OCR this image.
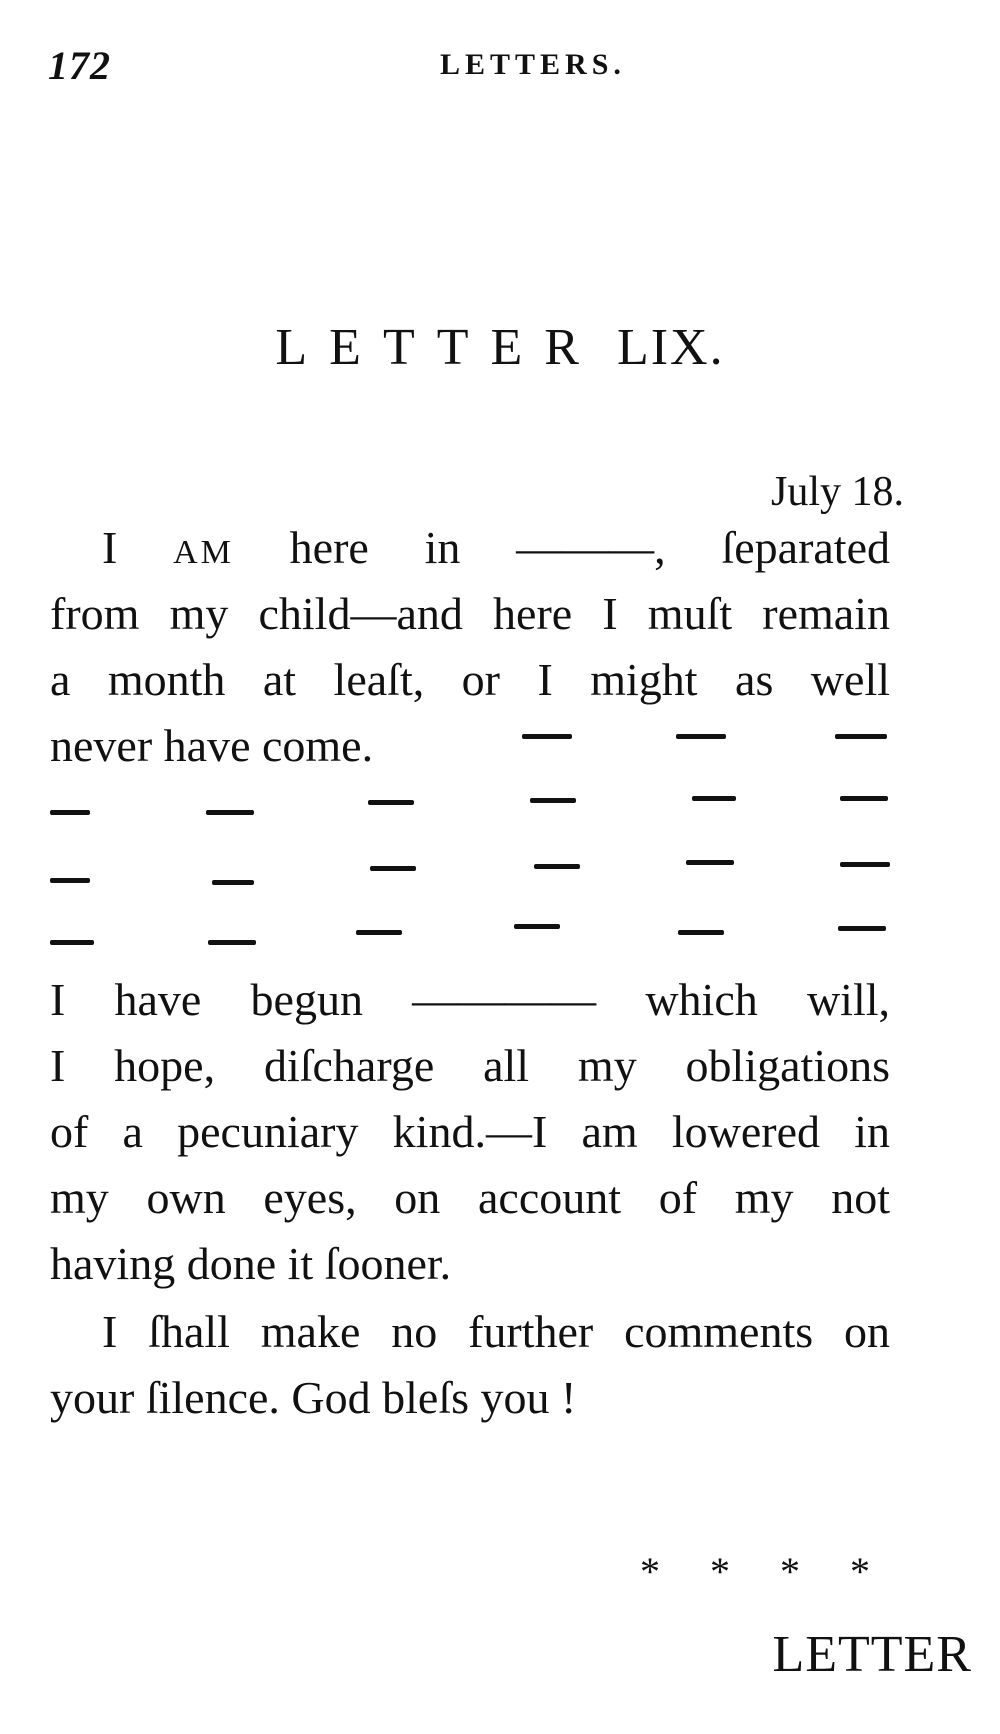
172	LETTERS.
LETTER LIX.
July 18.
I AM here in ———, ſeparated
from my child—and here I muſt remain
a month at leaſt, or I might as well
never have come.
I have begun ———— which will,
I hope, diſcharge all my obligations
of a pecuniary kind.—I am lowered in
my own eyes, on account of my not
having done it ſooner.
I ſhall make no further comments on
your ſilence. God bleſs you !
* * * *
LETTER
